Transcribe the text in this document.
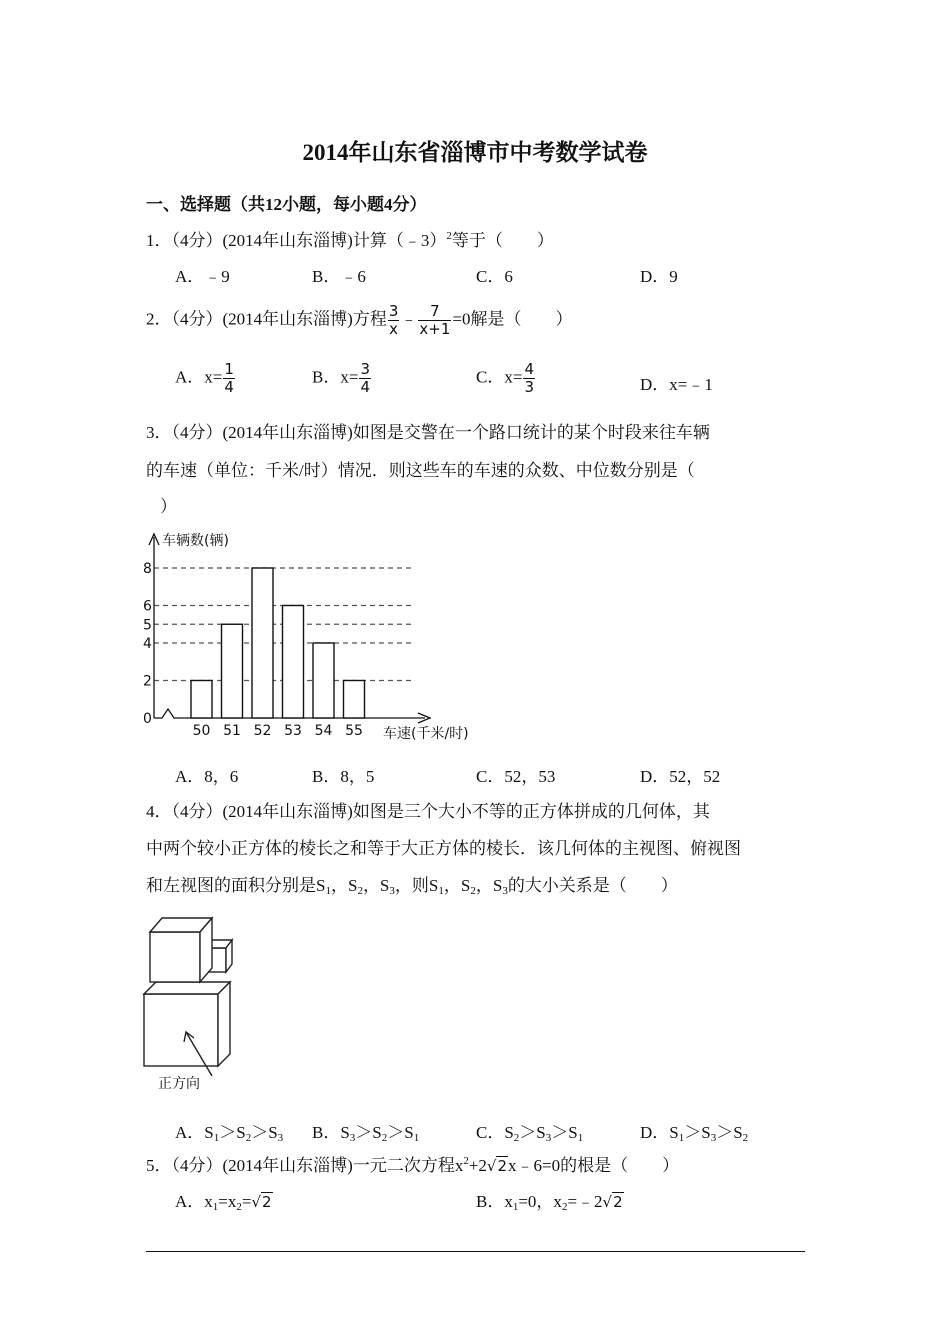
2014年山东省淄博市中考数学试卷
一、选择题（共12小题，每小题4分）
1．（4分）(2014年山东淄博)计算（﹣3）$^2$等于（　　）
A．﹣9	B．﹣6	C．6	D．9
2．（4分）(2014年山东淄博)方程 $\frac{3}{x}$ ﹣ $\frac{7}{x+1} =0$解是（　　）
A．$x= \frac{1}{4}$	B．$x= \frac{3}{4}$	C．$x= \frac{4}{3}$	D．x=﹣1
3．（4分）(2014年山东淄博)如图是交警在一个路口统计的某个时段来往车辆
的车速（单位：千米/时）情况．则这些车的车速的众数、中位数分别是（
）
0
2
4
5
6
8
50 51 52 53 54 55
车辆数(辆)
车速(千米/时)
A．8，6	B．8，5	C．52，53	D．52，52
4．（4分）(2014年山东淄博)如图是三个大小不等的正方体拼成的几何体，其
中两个较小正方体的棱长之和等于大正方体的棱长．该几何体的主视图、俯视图
和左视图的面积分别是$S_1$，$S_2$，$S_3$，则$S_1$，$S_2$，$S_3$的大小关系是（　　）
正方向
A．$S_1>S_2>S_3$ B．$S_3>S_2>S_1$	C．$S_2>S_3>S_1$	D．$S_1>S_3>S_2$
5．（4分）(2014年山东淄博)一元二次方程$x^2+2√2x﹣6=0$的根是（　　）
A．$x_1=x_2=√2$	B．$x_1=0$，$x_2=﹣2√2$
